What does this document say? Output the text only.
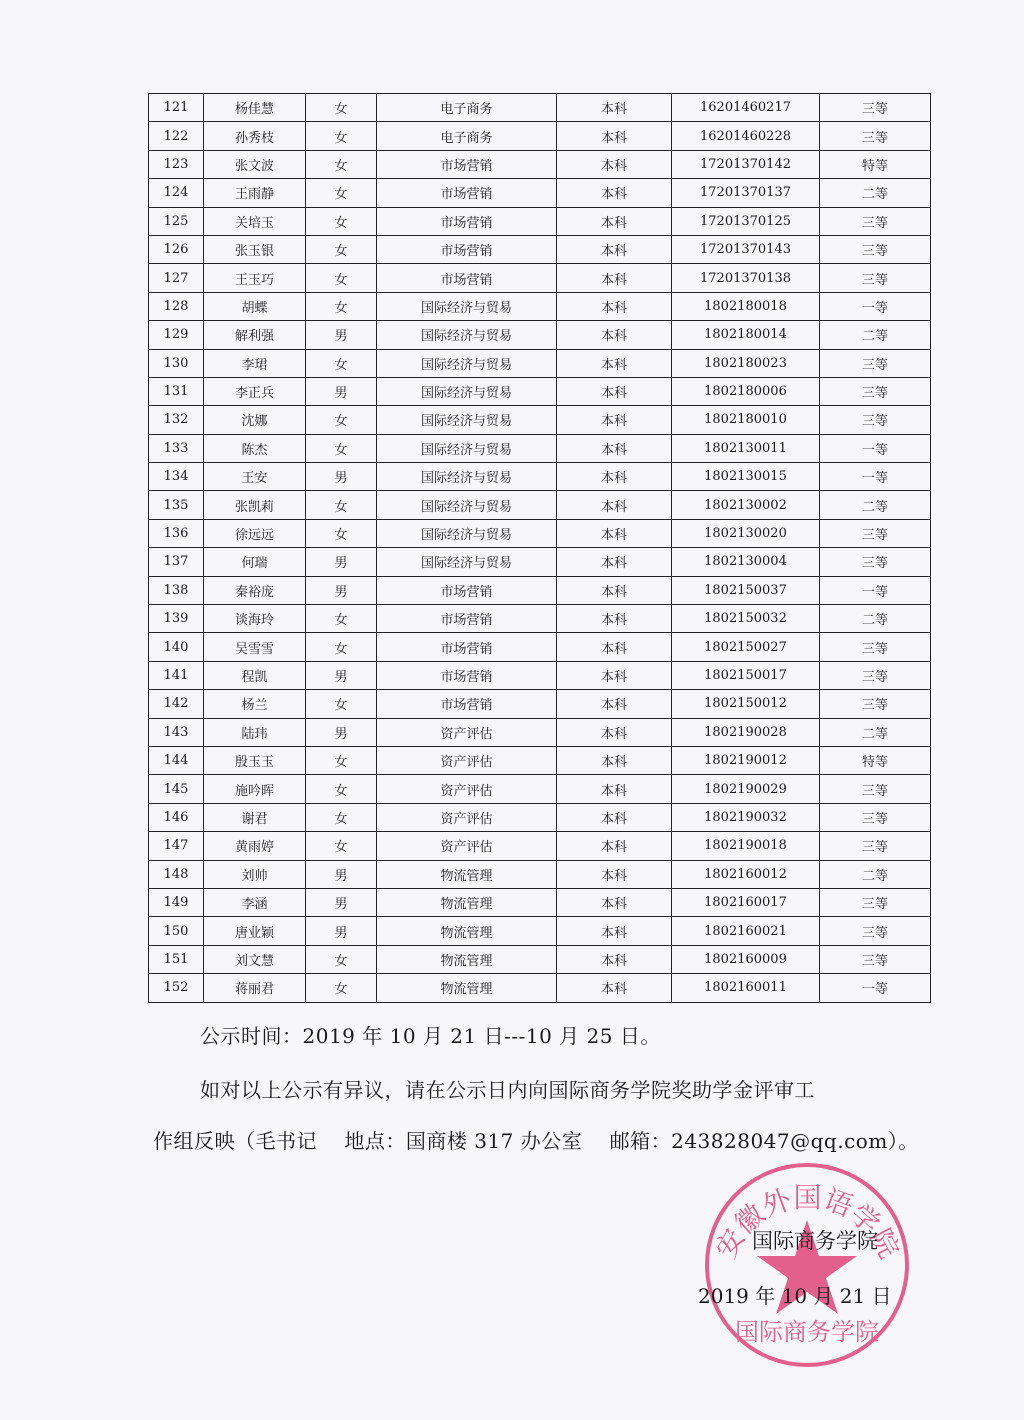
121	杨佳慧	女	电子商务	本科	16201460217	三等
122	孙秀枝	女	电子商务	本科	16201460228	三等
123	张文波	女	市场营销	本科	17201370142	特等
124	王雨静	女	市场营销	本科	17201370137	二等
125	关培玉	女	市场营销	本科	17201370125	三等
126	张玉银	女	市场营销	本科	17201370143	三等
127	王玉巧	女	市场营销	本科	17201370138	三等
128	胡蝶	女	国际经济与贸易	本科	1802180018	一等
129	解利强	男	国际经济与贸易	本科	1802180014	二等
130	李珺	女	国际经济与贸易	本科	1802180023	三等
131	李正兵	男	国际经济与贸易	本科	1802180006	三等
132	沈娜	女	国际经济与贸易	本科	1802180010	三等
133	陈杰	女	国际经济与贸易	本科	1802130011	一等
134	王安	男	国际经济与贸易	本科	1802130015	一等
135	张凯莉	女	国际经济与贸易	本科	1802130002	二等
136	徐远远	女	国际经济与贸易	本科	1802130020	三等
137	何瑞	男	国际经济与贸易	本科	1802130004	三等
138	秦裕庞	男	市场营销	本科	1802150037	一等
139	谈海玲	女	市场营销	本科	1802150032	二等
140	吴雪雪	女	市场营销	本科	1802150027	三等
141	程凯	男	市场营销	本科	1802150017	三等
142	杨兰	女	市场营销	本科	1802150012	三等
143	陆玮	男	资产评估	本科	1802190028	二等
144	殷玉玉	女	资产评估	本科	1802190012	特等
145	施吟晖	女	资产评估	本科	1802190029	三等
146	谢君	女	资产评估	本科	1802190032	三等
147	黄雨婷	女	资产评估	本科	1802190018	三等
148	刘帅	男	物流管理	本科	1802160012	二等
149	李涵	男	物流管理	本科	1802160017	三等
150	唐业颖	男	物流管理	本科	1802160021	三等
151	刘文慧	女	物流管理	本科	1802160009	三等
152	蒋丽君	女	物流管理	本科	1802160011	一等
公示时间：2019 年 10 月 21 日---10 月 25 日。
如对以上公示有异议，请在公示日内向国际商务学院奖助学金评审工
作组反映（毛书记　 地点：国商楼 317 办公室　 邮箱：243828047@qq.com）。
安徽外国语学院
国际商务学院
国际商务学院
2019 年 10 月 21 日
